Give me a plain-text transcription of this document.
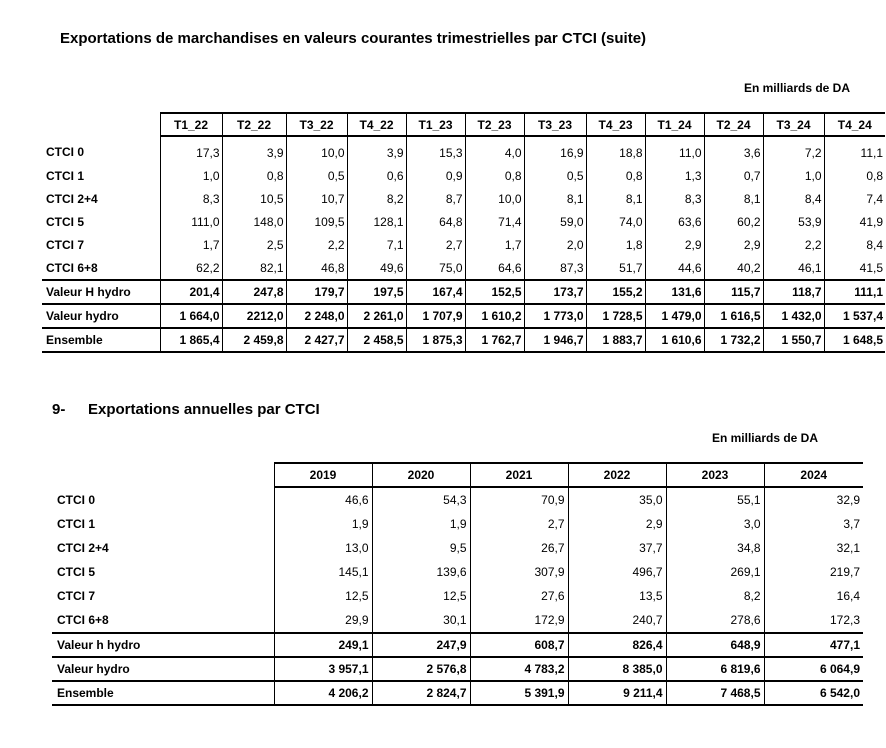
Exportations de marchandises en valeurs courantes trimestrielles par CTCI (suite)
En milliards de DA
	T1_22	T2_22	T3_22	T4_22	T1_23	T2_23	T3_23	T4_23	T1_24	T2_24	T3_24	T4_24
CTCI 0	17,3	3,9	10,0	3,9	15,3	4,0	16,9	18,8	11,0	3,6	7,2	11,1
CTCI 1	1,0	0,8	0,5	0,6	0,9	0,8	0,5	0,8	1,3	0,7	1,0	0,8
CTCI 2+4	8,3	10,5	10,7	8,2	8,7	10,0	8,1	8,1	8,3	8,1	8,4	7,4
CTCI 5	111,0	148,0	109,5	128,1	64,8	71,4	59,0	74,0	63,6	60,2	53,9	41,9
CTCI 7	1,7	2,5	2,2	7,1	2,7	1,7	2,0	1,8	2,9	2,9	2,2	8,4
CTCI 6+8	62,2	82,1	46,8	49,6	75,0	64,6	87,3	51,7	44,6	40,2	46,1	41,5
Valeur H hydro	201,4	247,8	179,7	197,5	167,4	152,5	173,7	155,2	131,6	115,7	118,7	111,1
Valeur hydro	1 664,0	2212,0	2 248,0	2 261,0	1 707,9	1 610,2	1 773,0	1 728,5	1 479,0	1 616,5	1 432,0	1 537,4
Ensemble	1 865,4	2 459,8	2 427,7	2 458,5	1 875,3	1 762,7	1 946,7	1 883,7	1 610,6	1 732,2	1 550,7	1 648,5
9- Exportations annuelles par CTCI
En milliards de DA
	2019	2020	2021	2022	2023	2024
CTCI 0	46,6	54,3	70,9	35,0	55,1	32,9
CTCI 1	1,9	1,9	2,7	2,9	3,0	3,7
CTCI 2+4	13,0	9,5	26,7	37,7	34,8	32,1
CTCI 5	145,1	139,6	307,9	496,7	269,1	219,7
CTCI 7	12,5	12,5	27,6	13,5	8,2	16,4
CTCI 6+8	29,9	30,1	172,9	240,7	278,6	172,3
Valeur h hydro	249,1	247,9	608,7	826,4	648,9	477,1
Valeur hydro	3 957,1	2 576,8	4 783,2	8 385,0	6 819,6	6 064,9
Ensemble	4 206,2	2 824,7	5 391,9	9 211,4	7 468,5	6 542,0
